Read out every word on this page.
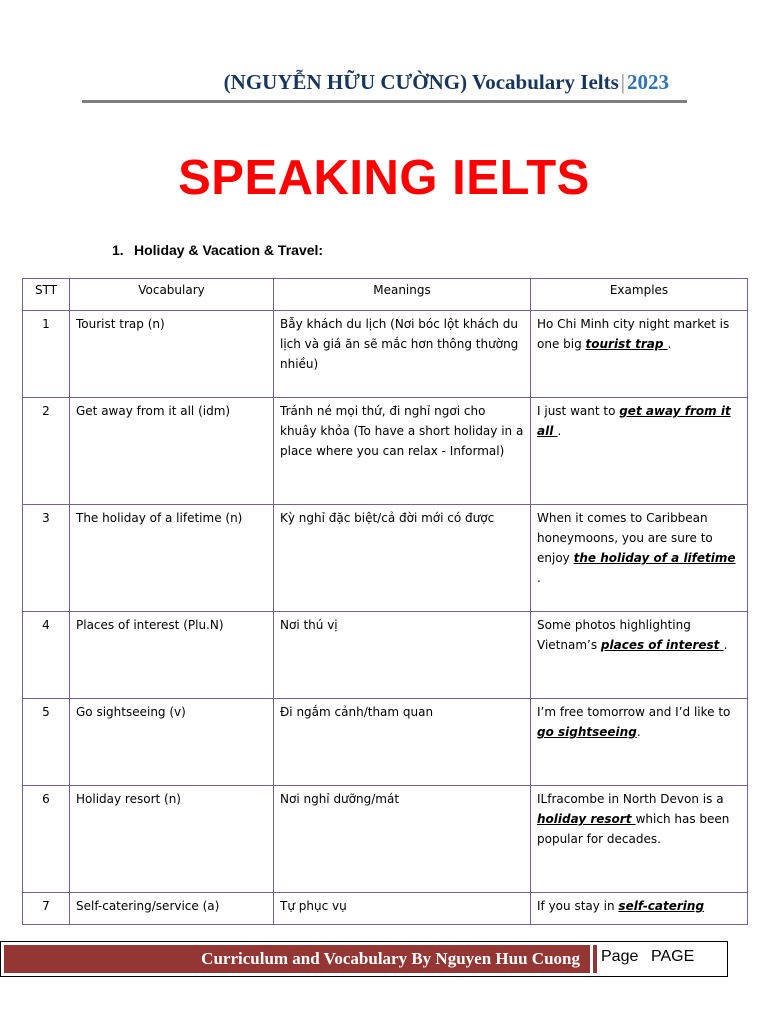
(NGUYỄN HỮU CƯỜNG) Vocabulary Ielts|2023
SPEAKING IELTS
1. Holiday & Vacation & Travel:
STT	Vocabulary	Meanings	Examples
1	Tourist trap (n)	Bẫy khách du lịch (Nơi bóc lột khách du lịch và giá ăn sẽ mắc hơn thông thường nhiều)	Ho Chi Minh city night market is one big tourist trap .
2	Get away from it all (idm)	Tránh né mọi thứ, đi nghỉ ngơi cho khuây khỏa (To have a short holiday in a place where you can relax - Informal)	I just want to get away from it all .
3	The holiday of a lifetime (n)	Kỳ nghỉ đặc biệt/cả đời mới có được	When it comes to Caribbean honeymoons, you are sure to enjoy the holiday of a lifetime .
4	Places of interest (Plu.N)	Nơi thú vị	Some photos highlighting Vietnam’s places of interest .
5	Go sightseeing (v)	Đi ngắm cảnh/tham quan	I’m free tomorrow and I’d like to go sightseeing.
6	Holiday resort (n)	Nơi nghỉ dưỡng/mát	ILfracombe in North Devon is a holiday resort which has been popular for decades.
7	Self-catering/service (a)	Tự phục vụ	If you stay in self-catering
Curriculum and Vocabulary By Nguyen Huu Cuong	Page PAGE
